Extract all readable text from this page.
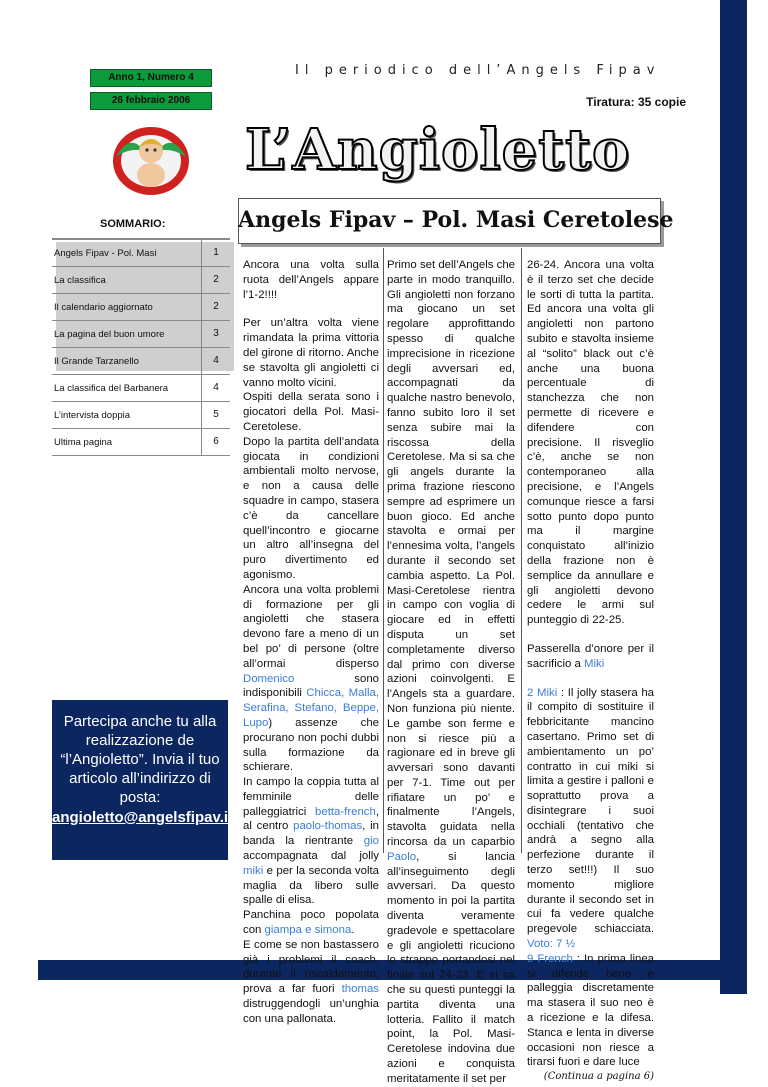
Il periodico dell’Angels Fipav
Anno 1, Numero 4
26 febbraio 2006	Tiratura: 35 copie
L’Angioletto
SOMMARIO:
Angels Fipav - Pol. Masi	1
La classifica	2
Il calendario aggiornato	2
La pagina del buon umore	3
Il Grande Tarzanello	4
La classifica del Barbanera	4
L’intervista doppia	5
Ultima pagina	6
Partecipa anche tu alla realizzazione de “l’Angioletto”. Invia il tuo articolo all’indirizzo di posta:
angioletto@angelsfipav.it
Angels Fipav – Pol. Masi Ceretolese

Ancora una volta sulla ruota dell’Angels appare l’1-2!!!!

Per un’altra volta viene rimandata la prima vittoria del girone di ritorno. Anche se stavolta gli angioletti ci vanno molto vicini.

Ospiti della serata sono i giocatori della Pol. Masi-Ceretolese.

Dopo la partita dell’andata giocata in condizioni ambientali molto nervose, e non a causa delle squadre in campo, stasera c’è da cancellare quell’incontro e giocarne un altro all’insegna del puro divertimento ed agonismo.

Ancora una volta problemi di formazione per gli angioletti che stasera devono fare a meno di un bel po’ di persone (oltre all’ormai disperso Domenico	sono indisponibili Chicca, Malla, Serafina, Stefano, Beppe, Lupo) assenze che procurano non pochi dubbi sulla formazione da schierare.

In campo la coppia tutta al femminile delle palleggiatrici betta-french, al centro paolo-thomas, in banda la rientrante gio accompagnata dal jolly miki e per la seconda volta maglia da libero sulle spalle di elisa.

Panchina poco popolata con giampa e simona.

E come se non bastassero già i problemi il coach, durante il riscaldamento, prova a far fuori thomas distruggendogli un’unghia con una pallonata.

Primo set dell’Angels che parte in modo tranquillo. Gli angioletti non forzano ma giocano un set regolare approfittando spesso di qualche imprecisione in ricezione degli avversari ed, accompagnati da qualche nastro benevolo, fanno subito loro il set senza subire mai la riscossa della Ceretolese. Ma si sa che gli angels durante la prima frazione riescono sempre ad esprimere un buon gioco. Ed anche stavolta e ormai per l’ennesima volta, l’angels durante il secondo set cambia aspetto. La Pol. Masi-Ceretolese rientra in campo con voglia di giocare ed in effetti disputa un set completamente diverso dal primo con diverse azioni coinvolgenti. E l’Angels sta a guardare. Non funziona più niente. Le gambe son ferme e non si riesce più a ragionare ed in breve gli avversari sono davanti per 7-1. Time out per rifiatare un po’ e finalmente l’Angels, stavolta guidata nella rincorsa da un caparbio Paolo, si lancia all’inseguimento degli avversari. Da questo momento in poi la partita diventa veramente gradevole e spettacolare e gli angioletti ricuciono lo strappo portandosi nel finale sul 24-23. E si sa che su questi punteggi la partita diventa una lotteria. Fallito il match point, la Pol. Masi-Ceretolese indovina due azioni e conquista meritatamente il set per

26-24. Ancora una volta è il terzo set che decide le sorti di tutta la partita. Ed ancora una volta gli angioletti non partono subito e stavolta insieme al “solito” black out c’è anche una buona percentuale di stanchezza che non permette di ricevere e difendere con precisione. Il risveglio c’è, anche se non contemporaneo alla precisione, e l’Angels comunque riesce a farsi sotto punto dopo punto ma il margine conquistato all’inizio della frazione non è semplice da annullare e gli angioletti devono cedere le armi sul punteggio di 22-25.

Passerella d’onore per il sacrificio a Miki

2 Miki : Il jolly stasera ha il compito di sostituire il febbricitante mancino casertano. Primo set di ambientamento un po’ contratto in cui miki si limita a gestire i palloni e soprattutto prova a disintegrare i suoi occhiali (tentativo che andrà a segno alla perfezione durante il terzo set!!!) Il suo momento migliore durante il secondo set in cui fa vedere qualche pregevole schiacciata. Voto: 7 ½

9 French : In prima linea si difende bene e palleggia discretamente ma stasera il suo neo è a ricezione e la difesa. Stanca e lenta in diverse occasioni non riesce a tirarsi fuori e dare luce

(Continua a pagina 6)
